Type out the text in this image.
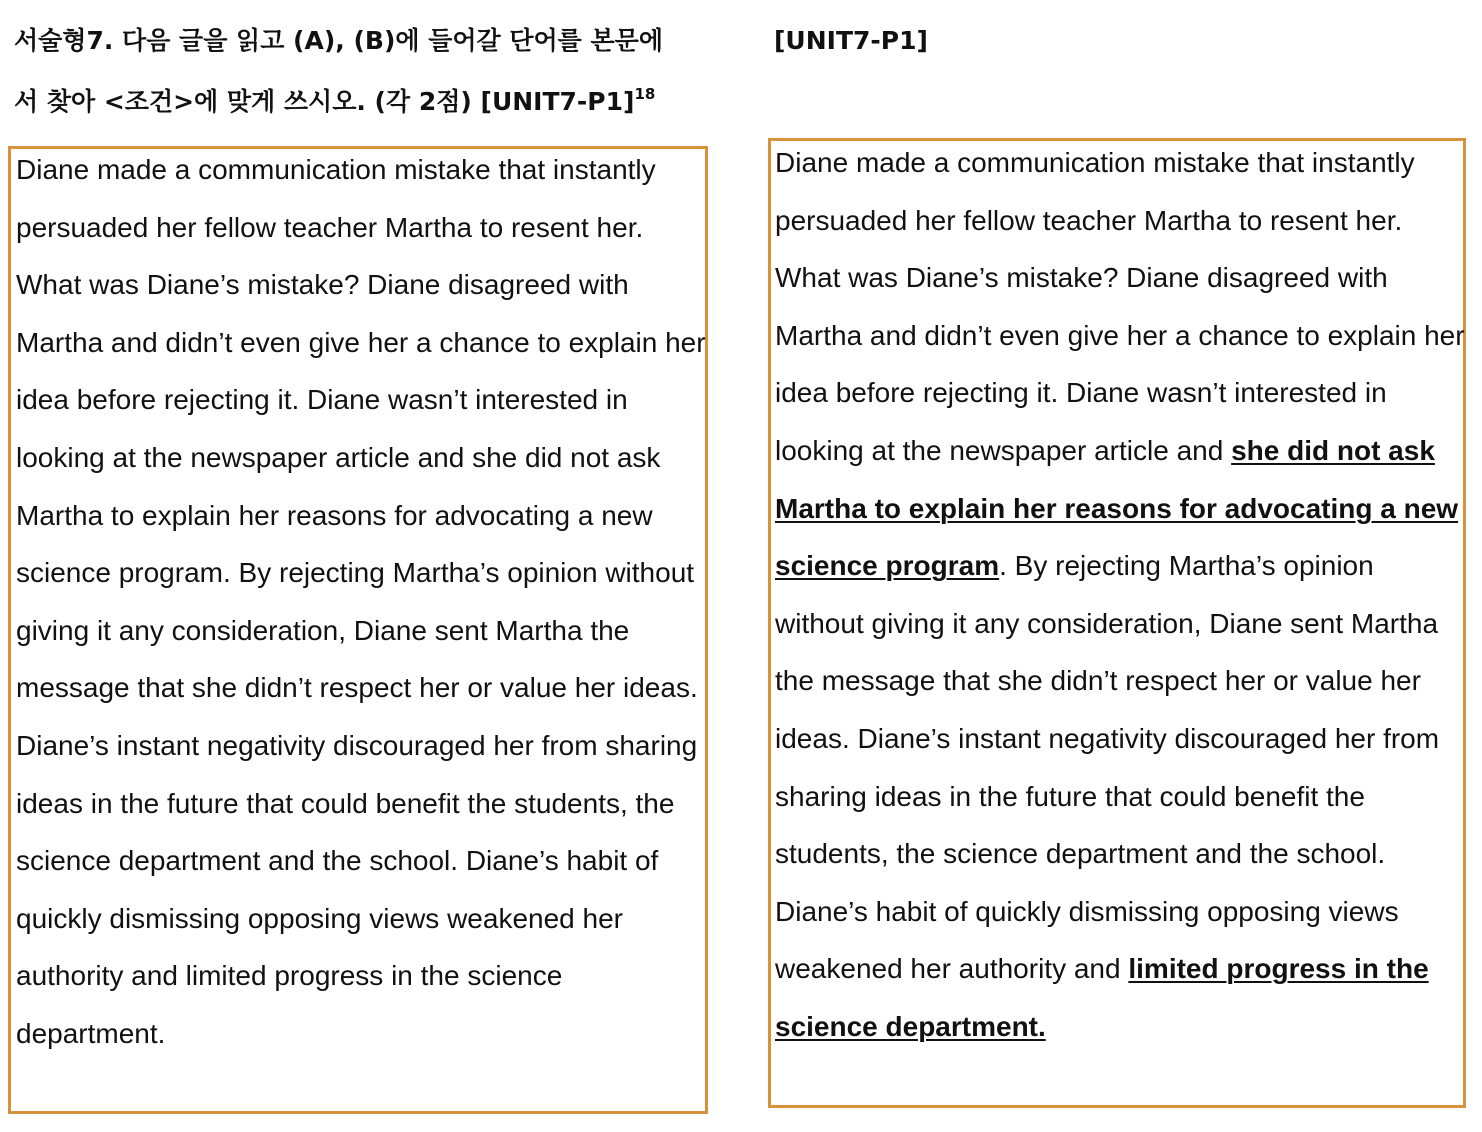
서술형7. 다음 글을 읽고 (A), (B)에 들어갈 단어를 본문에
서 찾아 <조건>에 맞게 쓰시오. (각 2점) [UNIT7-P1]$^{18}$

Diane made a communication mistake that instantly persuaded her fellow teacher Martha to resent her. What was Diane’s mistake? Diane disagreed with Martha and didn’t even give her a chance to explain her idea before rejecting it. Diane wasn’t interested in looking at the newspaper article and she did not ask Martha to explain her reasons for advocating a new science program. By rejecting Martha’s opinion without giving it any consideration, Diane sent Martha the message that she didn’t respect her or value her ideas. Diane’s instant negativity discouraged her from sharing ideas in the future that could benefit the students, the science department and the school. Diane’s habit of quickly dismissing opposing views weakened her authority and limited progress in the science department.

[UNIT7-P1]

Diane made a communication mistake that instantly persuaded her fellow teacher Martha to resent her. What was Diane’s mistake? Diane disagreed with Martha and didn’t even give her a chance to explain her idea before rejecting it. Diane wasn’t interested in looking at the newspaper article and she did not ask Martha to explain her reasons for advocating a new science program. By rejecting Martha’s opinion without giving it any consideration, Diane sent Martha the message that she didn’t respect her or value her ideas. Diane’s instant negativity discouraged her from sharing ideas in the future that could benefit the students, the science department and the school. Diane’s habit of quickly dismissing opposing views weakened her authority and limited progress in the science department.
